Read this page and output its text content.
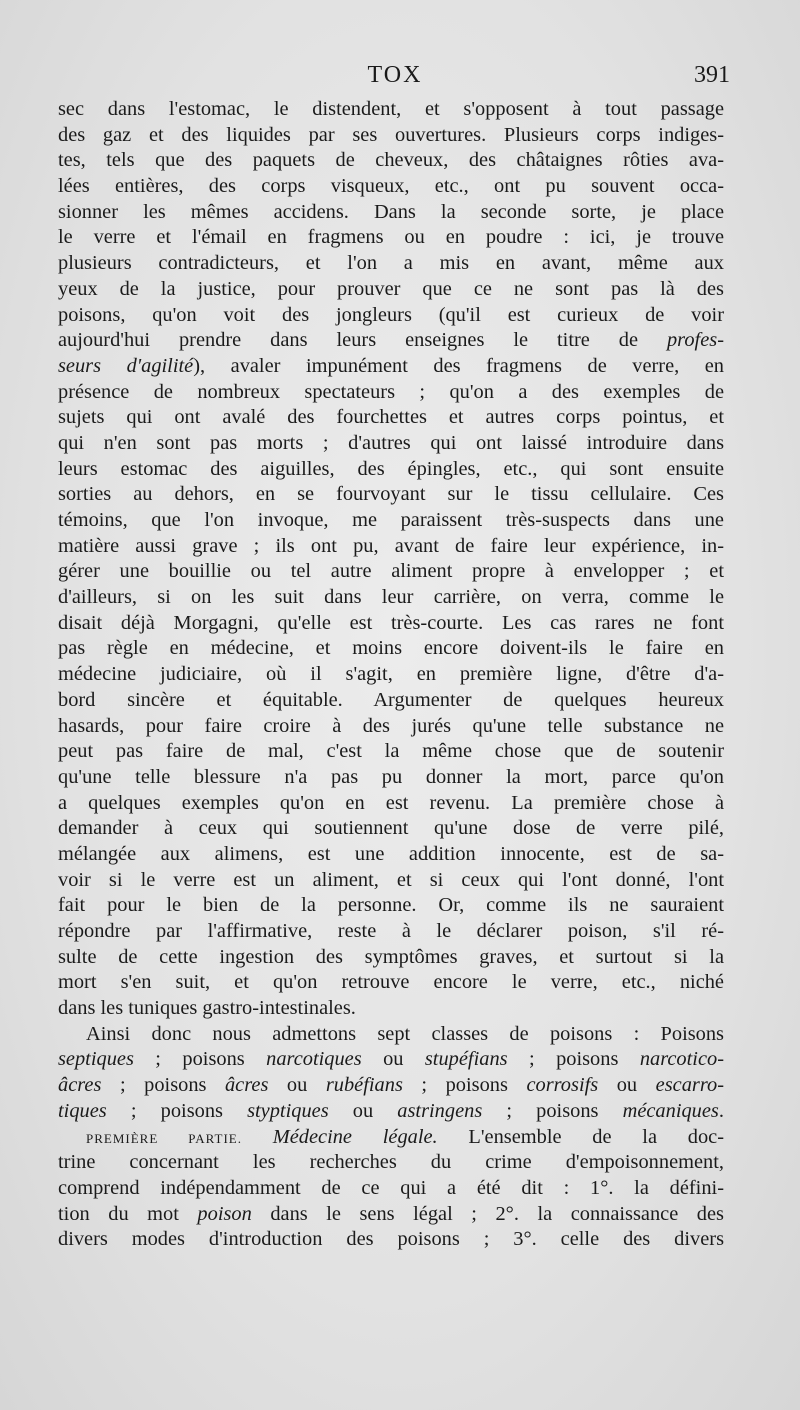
TOX	391
sec dans l'estomac, le distendent, et s'opposent à tout passage
des gaz et des liquides par ses ouvertures. Plusieurs corps indiges-
tes, tels que des paquets de cheveux, des châtaignes rôties ava-
lées entières, des corps visqueux, etc., ont pu souvent occa-
sionner les mêmes accidens. Dans la seconde sorte, je place
le verre et l'émail en fragmens ou en poudre : ici, je trouve
plusieurs contradicteurs, et l'on a mis en avant, même aux
yeux de la justice, pour prouver que ce ne sont pas là des
poisons, qu'on voit des jongleurs (qu'il est curieux de voir
aujourd'hui prendre dans leurs enseignes le titre de profes-
seurs d'agilité), avaler impunément des fragmens de verre, en
présence de nombreux spectateurs ; qu'on a des exemples de
sujets qui ont avalé des fourchettes et autres corps pointus, et
qui n'en sont pas morts ; d'autres qui ont laissé introduire dans
leurs estomac des aiguilles, des épingles, etc., qui sont ensuite
sorties au dehors, en se fourvoyant sur le tissu cellulaire. Ces
témoins, que l'on invoque, me paraissent très-suspects dans une
matière aussi grave ; ils ont pu, avant de faire leur expérience, in-
gérer une bouillie ou tel autre aliment propre à envelopper ; et
d'ailleurs, si on les suit dans leur carrière, on verra, comme le
disait déjà Morgagni, qu'elle est très-courte. Les cas rares ne font
pas règle en médecine, et moins encore doivent-ils le faire en
médecine judiciaire, où il s'agit, en première ligne, d'être d'a-
bord sincère et équitable. Argumenter de quelques heureux
hasards, pour faire croire à des jurés qu'une telle substance ne
peut pas faire de mal, c'est la même chose que de soutenir
qu'une telle blessure n'a pas pu donner la mort, parce qu'on
a quelques exemples qu'on en est revenu. La première chose à
demander à ceux qui soutiennent qu'une dose de verre pilé,
mélangée aux alimens, est une addition innocente, est de sa-
voir si le verre est un aliment, et si ceux qui l'ont donné, l'ont
fait pour le bien de la personne. Or, comme ils ne sauraient
répondre par l'affirmative, reste à le déclarer poison, s'il ré-
sulte de cette ingestion des symptômes graves, et surtout si la
mort s'en suit, et qu'on retrouve encore le verre, etc., niché
dans les tuniques gastro-intestinales.
Ainsi donc nous admettons sept classes de poisons : Poisons
septiques ; poisons narcotiques ou stupéfians ; poisons narcotico-
âcres ; poisons âcres ou rubéfians ; poisons corrosifs ou escarro-
tiques ; poisons styptiques ou astringens ; poisons mécaniques.
PREMIÈRE PARTIE. Médecine légale. L'ensemble de la doc-
trine concernant les recherches du crime d'empoisonnement,
comprend indépendamment de ce qui a été dit : 1°. la défini-
tion du mot poison dans le sens légal ; 2°. la connaissance des
divers modes d'introduction des poisons ; 3°. celle des divers
